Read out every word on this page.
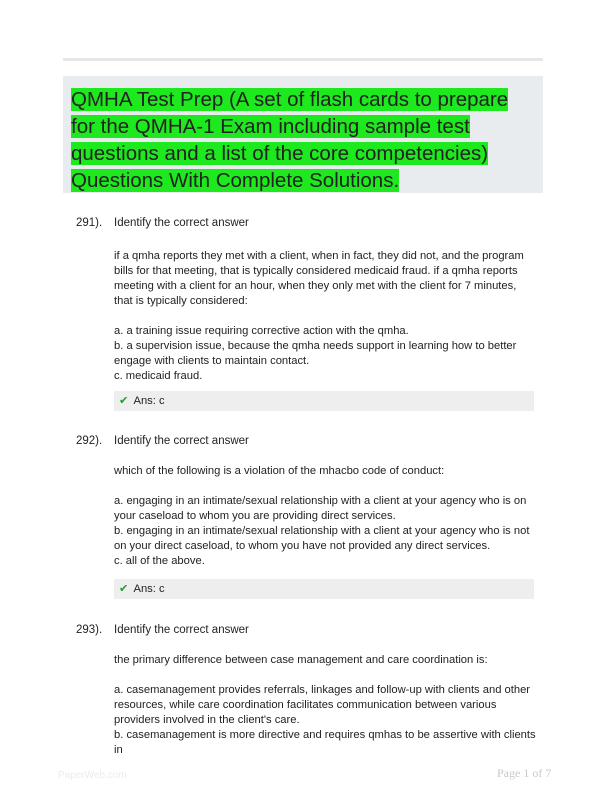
QMHA Test Prep (A set of flash cards to prepare for the QMHA-1 Exam including sample test questions and a list of the core competencies) Questions With Complete Solutions.
291). Identify the correct answer

if a qmha reports they met with a client, when in fact, they did not, and the program bills for that meeting, that is typically considered medicaid fraud. if a qmha reports meeting with a client for an hour, when they only met with the client for 7 minutes, that is typically considered:

a. a training issue requiring corrective action with the qmha.

b. a supervision issue, because the qmha needs support in learning how to better engage with clients to maintain contact.

c. medicaid fraud.

✔ Ans: c
292). Identify the correct answer

which of the following is a violation of the mhacbo code of conduct:

a. engaging in an intimate/sexual relationship with a client at your agency who is on your caseload to whom you are providing direct services.

b. engaging in an intimate/sexual relationship with a client at your agency who is not on your direct caseload, to whom you have not provided any direct services.

c. all of the above.

✔ Ans: c
293). Identify the correct answer

the primary difference between case management and care coordination is:

a. casemanagement provides referrals, linkages and follow-up with clients and other resources, while care coordination facilitates communication between various providers involved in the client's care.

b. casemanagement is more directive and requires qmhas to be assertive with clients in

PaperWeb.com	Page 1 of 7
